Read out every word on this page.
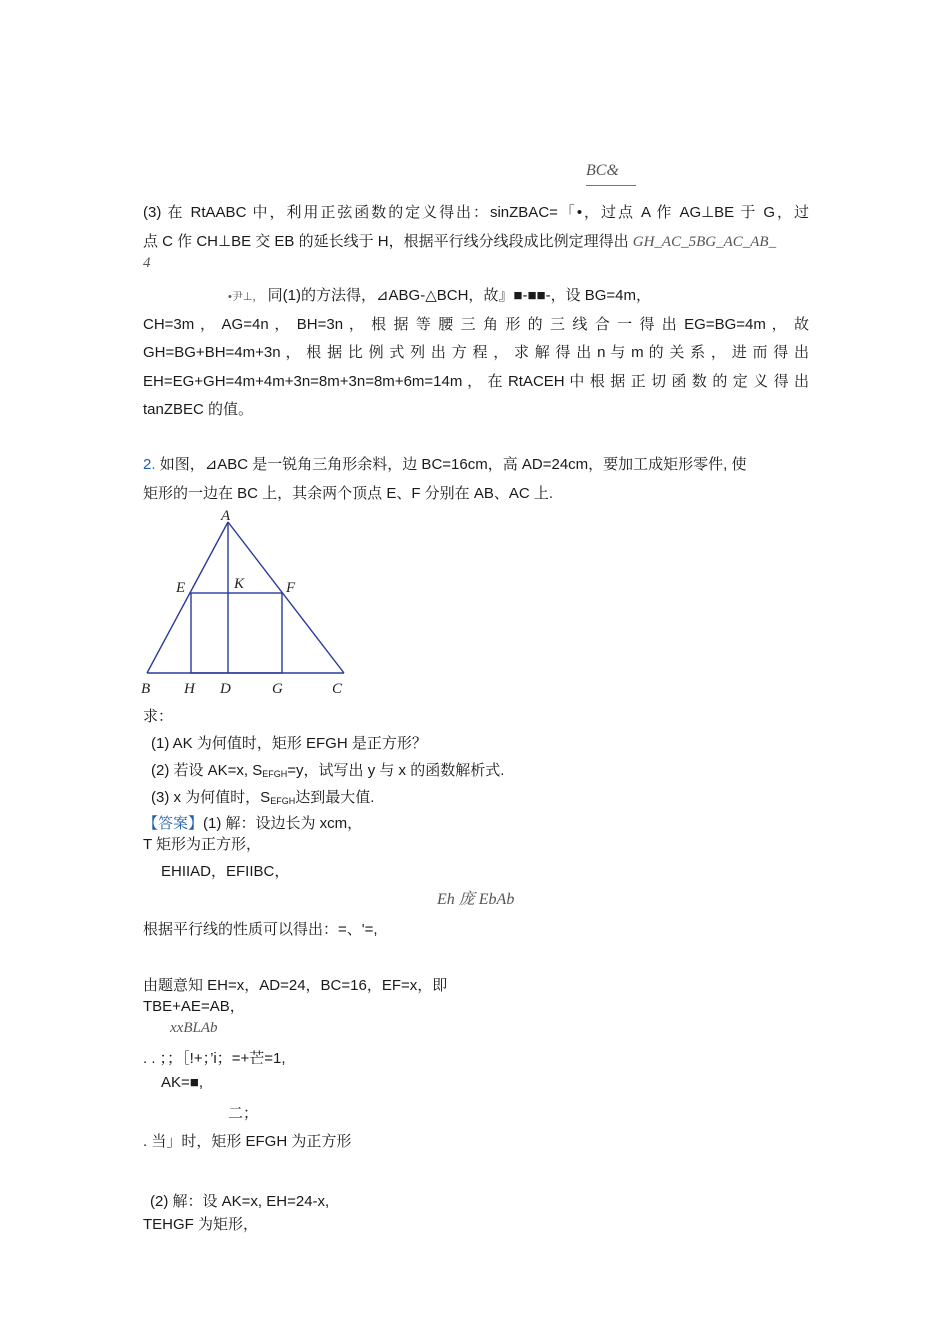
BC&
(3) 在 RtAABC 中，利用正弦函数的定义得出：sinZBAC=「•，过点 A 作 AG⊥BE 于 G，过
点 C 作 CH⊥BE 交 EB 的延长线于 H，根据平行线分线段成比例定理得出 GH_AC_5BG_AC_AB_
4
•尹⊥， 同(1)的方法得，⊿ABG-△BCH，故』■-■■-，设 BG=4m，
CH=3m ， AG=4n ， BH=3n ， 根 据 等 腰 三 角 形 的 三 线 合 一 得 出 EG=BG=4m ， 故
GH=BG+BH=4m+3n ， 根 据 比 例 式 列 出 方 程 ， 求 解 得 出 n 与 m 的 关 系 ， 进 而 得 出
EH=EG+GH=4m+4m+3n=8m+3n=8m+6m=14m ， 在 RtACEH 中 根 据 正 切 函 数 的 定 义 得 出
tanZBEC 的值。
2. 如图，⊿ABC 是一锐角三角形余料，边 BC=16cm，高 AD=24cm，要加工成矩形零件, 使
矩形的一边在 BC 上，其余两个顶点 E、F 分别在 AB、AC 上.
A
E	K	F
B H D	G	C
求：
(1) AK 为何值时，矩形 EFGH 是正方形？
(2) 若设 AK=x, $S_{EFGH}=y$，试写出 y 与 x 的函数解析式.
(3) x 为何值时，$S_{EFGH}$达到最大值.
【答案】(1) 解：设边长为 xcm，
T 矩形为正方形，
EHIIAD，EFIIBC，
Eh 庞 EbAb
根据平行线的性质可以得出：=、'=,
由题意知 EH=x，AD=24，BC=16，EF=x，即
TBE+AE=AB，
xxBLAb
. . ；；［!+；’i；=+芒=1,
AK=■,
二；
. 当」时，矩形 EFGH 为正方形
(2) 解：设 AK=x, EH=24-x,
TEHGF 为矩形，
